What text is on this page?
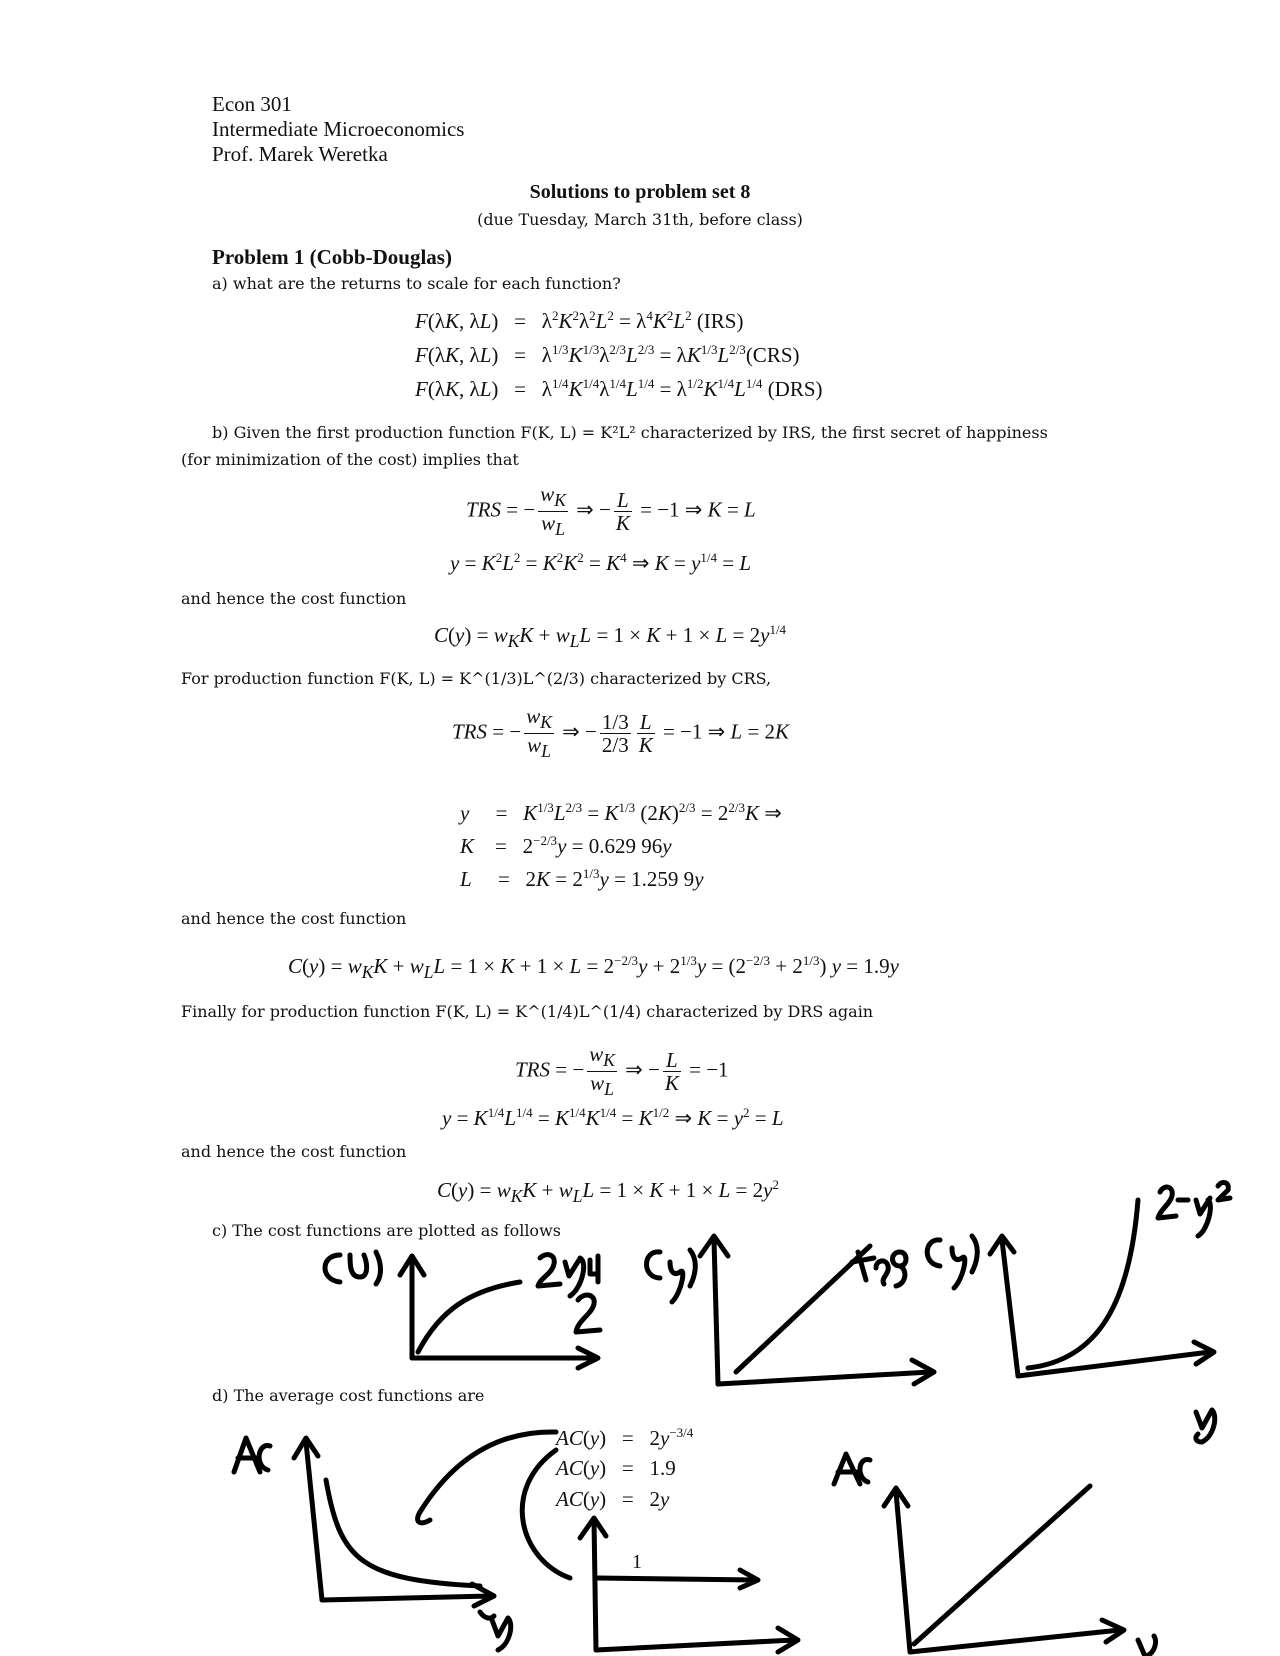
Econ 301
Intermediate Microeconomics
Prof. Marek Weretka
Solutions to problem set 8
(due Tuesday, March 31th, before class)
Problem 1 (Cobb-Douglas)
a) what are the returns to scale for each function?
F(λK, $\lambda L) = \lambda^2K^2\lambda^2L^2 = \lambda^4K^2L^2$ (IRS)
F(λK, $\lambda L) = \lambda^{1/3}K^{1/3}\lambda^{2/3}L^{2/3} = \lambda K^{1/3}L^{2/3}(CRS)$
F(λK, $\lambda L) = \lambda^{1/4}K^{1/4}\lambda^{1/4}L^{1/4} = \lambda^{1/2}K^{1/4}L^{1/4}$ (DRS)
b) Given the first production function F(K, L) = K²L² characterized by IRS, the first secret of happiness
(for minimization of the cost) implies that
TRS = − $\frac{w_K}{w_L}$ ⇒ − $\frac{L}{K} = -1$ ⇒ K = L
$y = K^2L^2 = K^2K^2 = K^4$ ⇒ $K = y^{1/4} = L$
and hence the cost function
$C(y) = w_KK + w_LL = 1 \times K + 1 \times L = 2y^{1/4}$
For production function F(K, L) = K^(1/3)L^(2/3) characterized by CRS,
TRS = − $\frac{w_K}{w_L}$ ⇒ − $\frac{1/3}{2/3} \frac{L}{K} = -1$ ⇒ L = 2K
y     =   $K^{1/3}L^{2/3} = K^{1/3}$ $(2K)^{2/3} = 2^{2/3}K$ ⇒
K    =   $2^{-2/3}y = 0.629$ 96y
L     =   $2K = 2^{1/3}y = 1.259$ 9y
and hence the cost function
$C(y) = w_KK + w_LL = 1 \times K + 1 \times L = 2^{-2/3}y + 2^{1/3}y = (2^{-2/3} + 2^{1/3}) y = 1.9y$
Finally for production function F(K, L) = K^(1/4)L^(1/4) characterized by DRS again
TRS = − $\frac{w_K}{w_L}$ ⇒ − $\frac{L}{K} = -1$
$y = K^{1/4}L^{1/4} = K^{1/4}K^{1/4} = K^{1/2}$ ⇒ $K = y^2 = L$
and hence the cost function
$C(y) = w_KK + w_LL = 1 \times K + 1 \times L = 2y^2$
c) The cost functions are plotted as follows
d) The average cost functions are
$AC(y) = 2y^{-3/4}$
AC(y)   =   1.9
AC(y)   =   2y
1
